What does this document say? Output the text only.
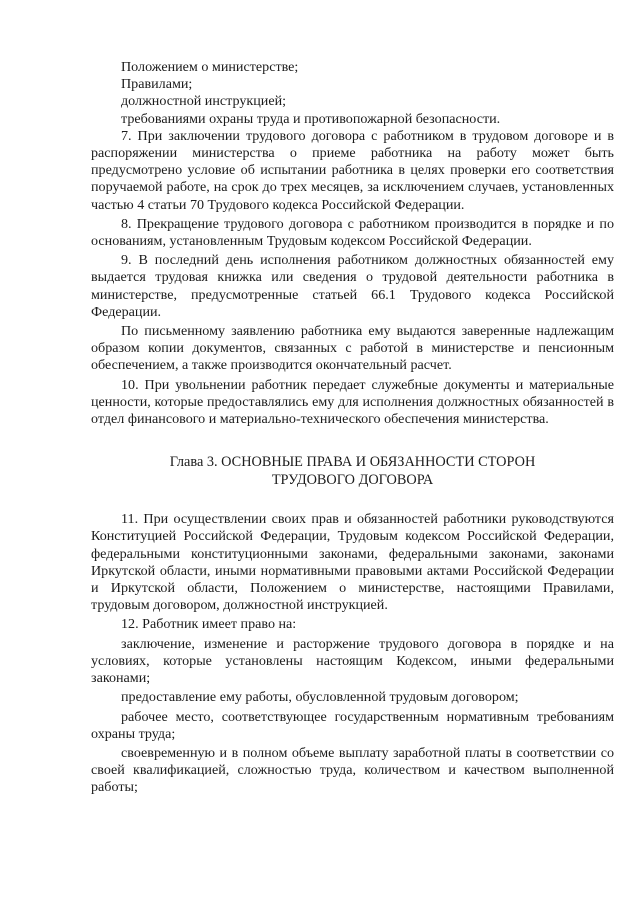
Положением о министерстве;

Правилами;

должностной инструкцией;

требованиями охраны труда и противопожарной безопасности.

7. При заключении трудового договора с работником в трудовом договоре и в распоряжении министерства о приеме работника на работу может быть предусмотрено условие об испытании работника в целях проверки его соответствия поручаемой работе, на срок до трех месяцев, за исключением случаев, установленных частью 4 статьи 70 Трудового кодекса Российской Федерации.

8. Прекращение трудового договора с работником производится в порядке и по основаниям, установленным Трудовым кодексом Российской Федерации.

9. В последний день исполнения работником должностных обязанностей ему выдается трудовая книжка или сведения о трудовой деятельности работника в министерстве, предусмотренные статьей 66.1 Трудового кодекса Российской Федерации.

По письменному заявлению работника ему выдаются заверенные надлежащим образом копии документов, связанных с работой в министерстве и пенсионным обеспечением, а также производится окончательный расчет.

10. При увольнении работник передает служебные документы и материальные ценности, которые предоставлялись ему для исполнения должностных обязанностей в отдел финансового и материально-технического обеспечения министерства.

Глава 3. ОСНОВНЫЕ ПРАВА И ОБЯЗАННОСТИ СТОРОН
ТРУДОВОГО ДОГОВОРА

11. При осуществлении своих прав и обязанностей работники руководствуются Конституцией Российской Федерации, Трудовым кодексом Российской Федерации, федеральными конституционными законами, федеральными законами, законами Иркутской области, иными нормативными правовыми актами Российской Федерации и Иркутской области, Положением о министерстве, настоящими Правилами, трудовым договором, должностной инструкцией.

12. Работник имеет право на:

заключение, изменение и расторжение трудового договора в порядке и на условиях, которые установлены настоящим Кодексом, иными федеральными законами;

предоставление ему работы, обусловленной трудовым договором;

рабочее место, соответствующее государственным нормативным требованиям охраны труда;

своевременную и в полном объеме выплату заработной платы в соответствии со своей квалификацией, сложностью труда, количеством и качеством выполненной работы;
